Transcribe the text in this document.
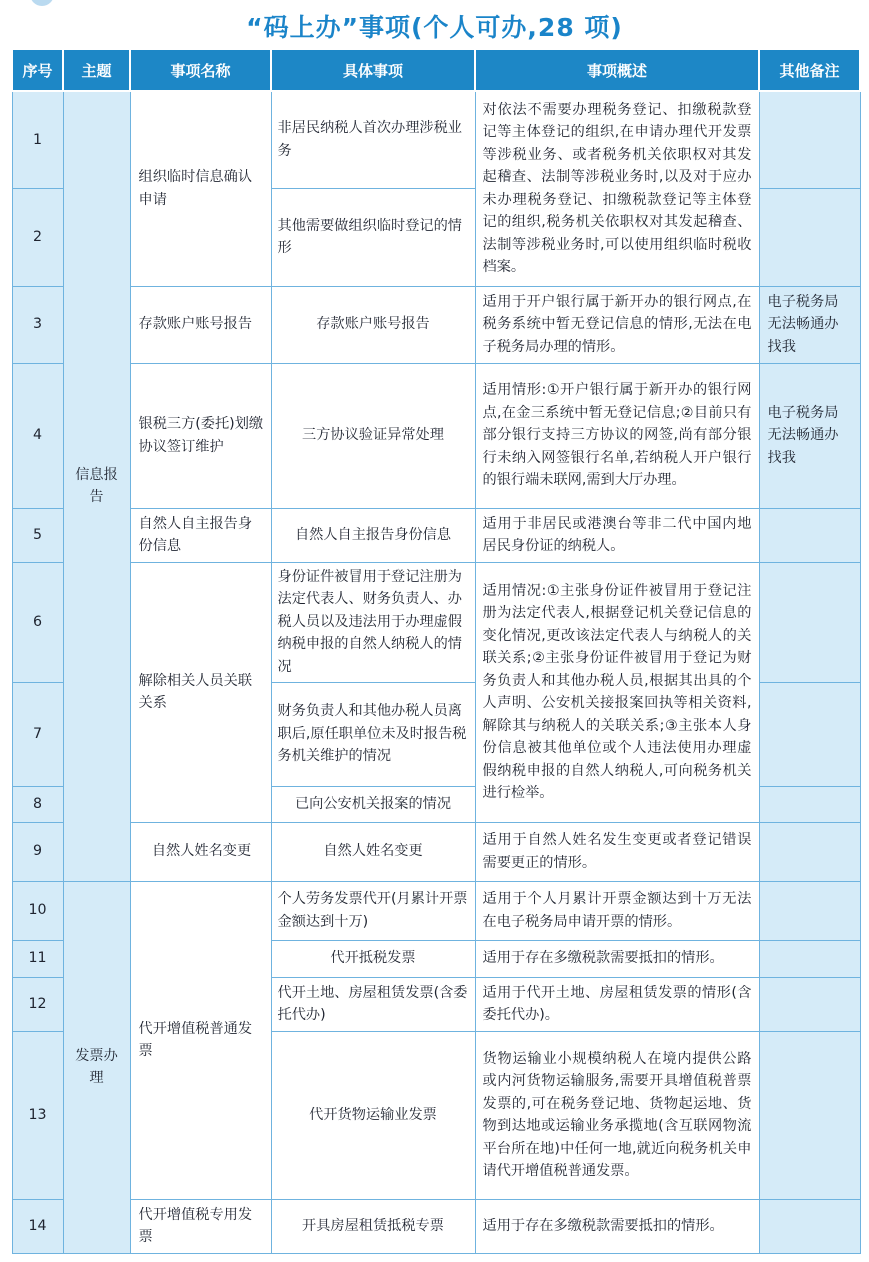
“码上办”事项(个人可办,28 项)
序号	主题	事项名称	具体事项	事项概述	其他备注
1	信息报告	组织临时信息确认申请	非居民纳税人首次办理涉税业务	对依法不需要办理税务登记、扣缴税款登记等主体登记的组织,在申请办理代开发票等涉税业务、或者税务机关依职权对其发起稽查、法制等涉税业务时,以及对于应办未办理税务登记、扣缴税款登记等主体登记的组织,税务机关依职权对其发起稽查、法制等涉税业务时,可以使用组织临时税收档案。	
2			其他需要做组织临时登记的情形		
3		存款账户账号报告	存款账户账号报告	适用于开户银行属于新开办的银行网点,在税务系统中暂无登记信息的情形,无法在电子税务局办理的情形。	电子税务局无法畅通办找我
4		银税三方(委托)划缴协议签订维护	三方协议验证异常处理	适用情形:①开户银行属于新开办的银行网点,在金三系统中暂无登记信息;②目前只有部分银行支持三方协议的网签,尚有部分银行未纳入网签银行名单,若纳税人开户银行的银行端未联网,需到大厅办理。	电子税务局无法畅通办找我
5		自然人自主报告身份信息	自然人自主报告身份信息	适用于非居民或港澳台等非二代中国内地居民身份证的纳税人。	
6		解除相关人员关联关系	身份证件被冒用于登记注册为法定代表人、财务负责人、办税人员以及违法用于办理虚假纳税申报的自然人纳税人的情况	适用情况:①主张身份证件被冒用于登记注册为法定代表人,根据登记机关登记信息的变化情况,更改该法定代表人与纳税人的关联关系;②主张身份证件被冒用于登记为财务负责人和其他办税人员,根据其出具的个人声明、公安机关接报案回执等相关资料,解除其与纳税人的关联关系;③主张本人身份信息被其他单位或个人违法使用办理虚假纳税申报的自然人纳税人,可向税务机关进行检举。	
7			财务负责人和其他办税人员离职后,原任职单位未及时报告税务机关维护的情况		
8			已向公安机关报案的情况		
9		自然人姓名变更	自然人姓名变更	适用于自然人姓名发生变更或者登记错误需要更正的情形。	
10	发票办理	代开增值税普通发票	个人劳务发票代开(月累计开票金额达到十万)	适用于个人月累计开票金额达到十万无法在电子税务局申请开票的情形。	
11			代开抵税发票	适用于存在多缴税款需要抵扣的情形。	
12			代开土地、房屋租赁发票(含委托代办)	适用于代开土地、房屋租赁发票的情形(含委托代办)。	
13			代开货物运输业发票	货物运输业小规模纳税人在境内提供公路或内河货物运输服务,需要开具增值税普票发票的,可在税务登记地、货物起运地、货物到达地或运输业务承揽地(含互联网物流平台所在地)中任何一地,就近向税务机关申请代开增值税普通发票。	
14		代开增值税专用发票	开具房屋租赁抵税专票	适用于存在多缴税款需要抵扣的情形。	
